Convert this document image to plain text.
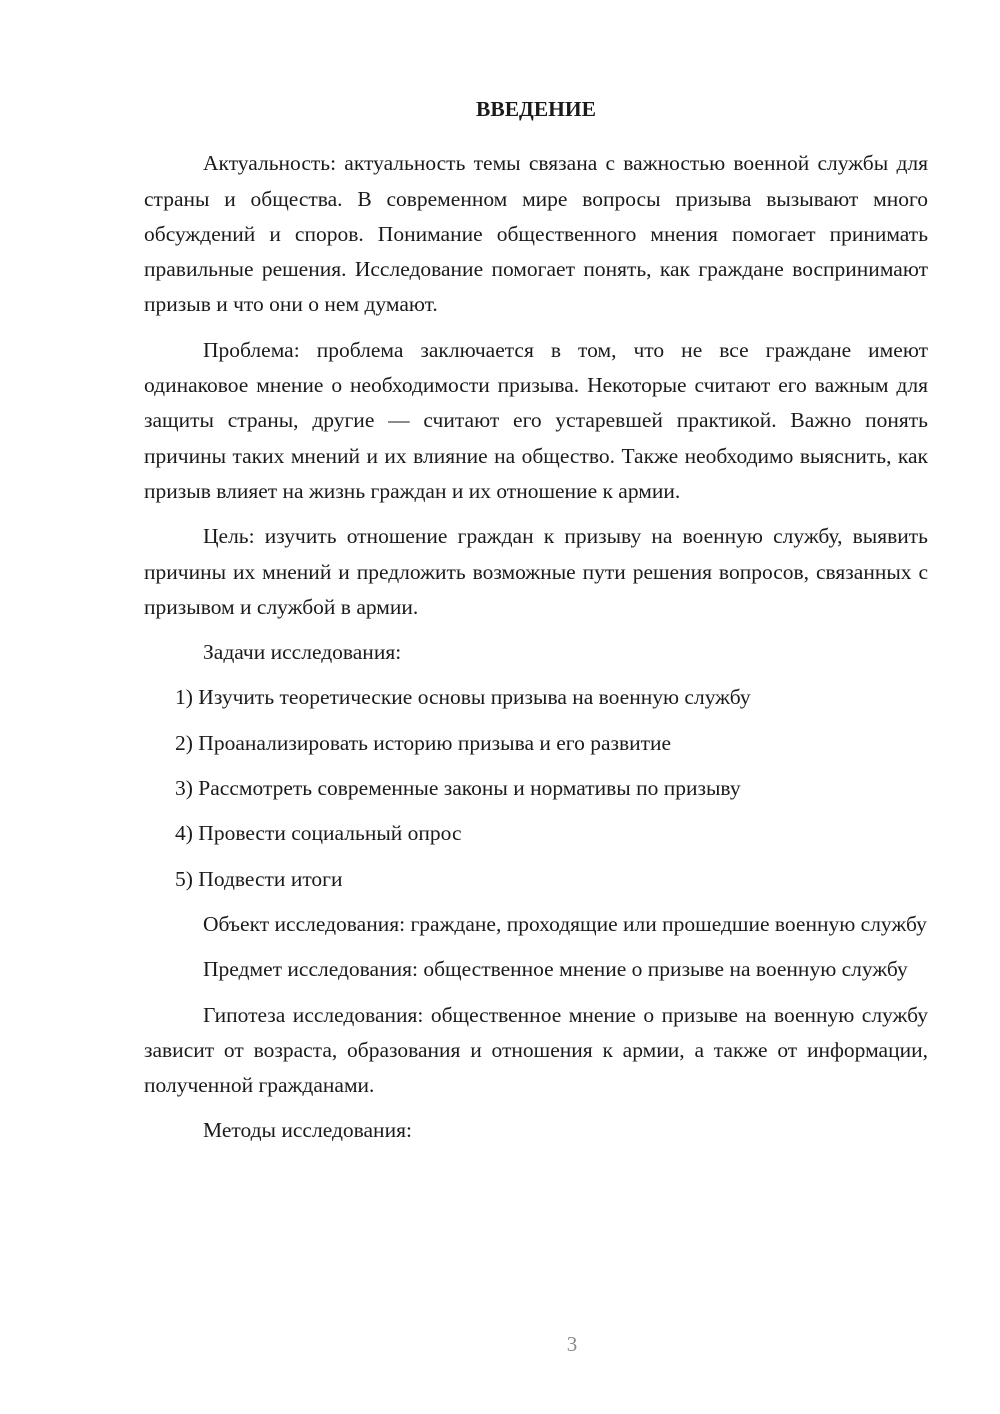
ВВЕДЕНИЕ

Актуальность: актуальность темы связана с важностью военной службы для страны и общества. В современном мире вопросы призыва вызывают много обсуждений и споров. Понимание общественного мнения помогает принимать правильные решения. Исследование помогает понять, как граждане воспринимают призыв и что они о нем думают.

Проблема: проблема заключается в том, что не все граждане имеют одинаковое мнение о необходимости призыва. Некоторые считают его важным для защиты страны, другие — считают его устаревшей практикой. Важно понять причины таких мнений и их влияние на общество. Также необходимо выяснить, как призыв влияет на жизнь граждан и их отношение к армии.

Цель: изучить отношение граждан к призыву на военную службу, выявить причины их мнений и предложить возможные пути решения вопросов, связанных с призывом и службой в армии.

Задачи исследования:

1) Изучить теоретические основы призыва на военную службу
2) Проанализировать историю призыва и его развитие
3) Рассмотреть современные законы и нормативы по призыву
4) Провести социальный опрос
5) Подвести итоги

Объект исследования: граждане, проходящие или прошедшие военную службу

Предмет исследования: общественное мнение о призыве на военную службу

Гипотеза исследования: общественное мнение о призыве на военную службу зависит от возраста, образования и отношения к армии, а также от информации, полученной гражданами.

Методы исследования:

3
